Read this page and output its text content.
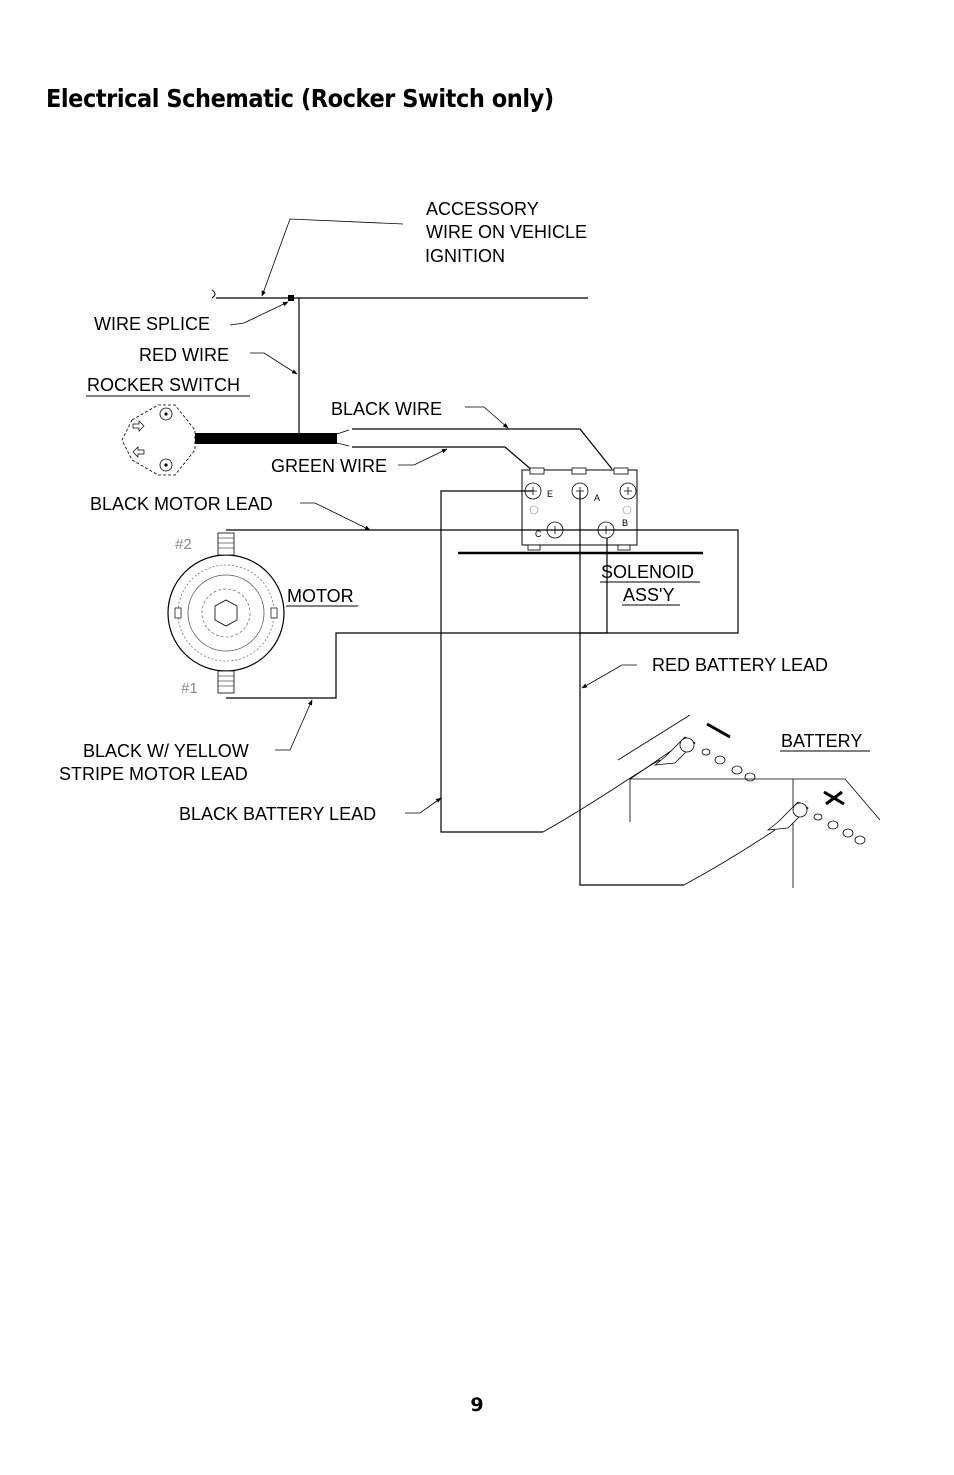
Electrical Schematic (Rocker Switch only)
ACCESSORY
WIRE ON VEHICLE
IGNITION
WIRE SPLICE
RED WIRE
ROCKER SWITCH
BLACK WIRE
GREEN WIRE
E	A
B
C
SOLENOID
ASS'Y
#2
#1
MOTOR
BLACK MOTOR LEAD
BLACK W/ YELLOW
STRIPE MOTOR LEAD
BLACK BATTERY LEAD
RED BATTERY LEAD
BATTERY
9
